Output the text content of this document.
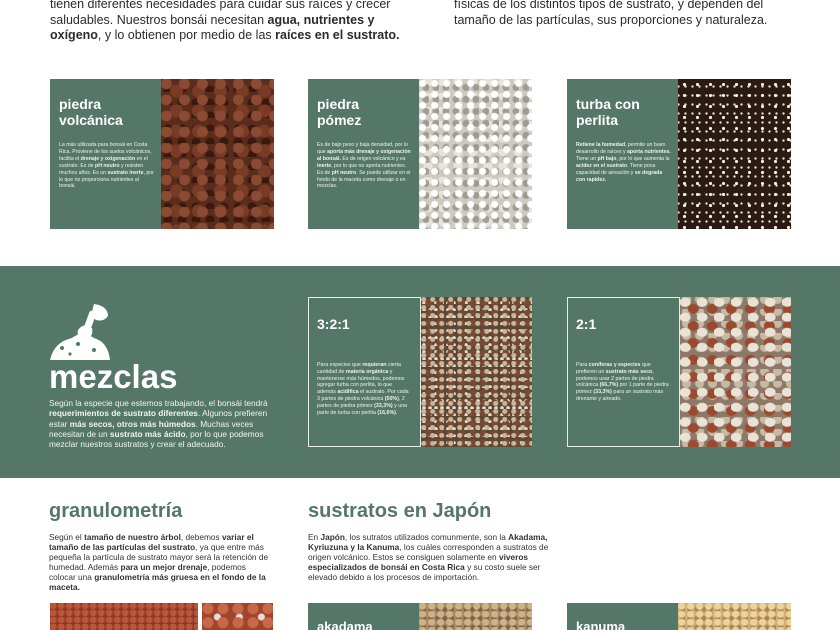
tienen diferentes necesidades para cuidar sus raíces y crecer saludables. Nuestros bonsái necesitan agua, nutrientes y oxígeno, y lo obtienen por medio de las raíces en el sustrato.

físicas de los distintos tipos de sustrato, y dependen del tamaño de las partículas, sus proporciones y naturaleza.

piedra
volcánica

La más utilizada para bonsái en Costa Rica. Proviene de los suelos volcánicos, facilita el drenaje y oxigenación en el sustrato. Es de pH neutro y resisten muchos años. Es un sustrato inerte, por lo que no proporciona nutrientes al bonsái.

piedra
pómez

Es de bajo peso y baja densidad, por lo que aporta más drenaje y oxigenación al bonsái. Es de origen volcánico y es inerte, por lo que no aporta nutrientes. Es de pH neutro. Se puede utilizar en el fondo de la maceta como drenaje o en mezclas.

turba con
perlita

Retiene la humedad, permite un buen desarrollo de raíces y aporta nutrientes. Tiene un pH bajo, por lo que aumenta la acidez en el sustrato. Tiene poca capacidad de aireación y se degrada con rapidez.

mezclas

Según la especie que estemos trabajando, el bonsái tendrá requerimientos de sustrato diferentes. Algunos prefieren estar más secos, otros más húmedos. Muchas veces necesitan de un sustrato más ácido, por lo que podemos mezclar nuestros sustratos y crear el adecuado.

3:2:1

Para especies que requieran cierta cantidad de materia orgánica y mantenerse más húmedos, podemos agregar turba con perlita, lo que además acidifica el sustrato. Por cada 3 partes de piedra volcánica (50%), 2 partes de piedra pómez (33,3%) y una parte de turba con perlita (16,6%).

2:1

Para coníferas y especies que prefieren un sustrato más seco, podemos usar 2 partes de piedra volcánica (66,7%) por 1 parte de piedra pómez (33,3%) para un sustrato más drenante y aireado.

granulometría

Según el tamaño de nuestro árbol, debemos variar el tamaño de las partículas del sustrato, ya que entre más pequeña la partícula de sustrato mayor será la retención de humedad. Además para un mejor drenaje, podemos colocar una granulometría más gruesa en el fondo de la maceta.

sustratos en Japón

En Japón, los sutratos utilizados comunmente, son la Akadama, Kyriuzuna y la Kanuma, los cuáles corresponden a sustratos de origen volcánico. Estos se consiguen solamente en viveros especializados de bonsái en Costa Rica y su costo suele ser elevado debido a los procesos de importación.

akadama	kanuma
